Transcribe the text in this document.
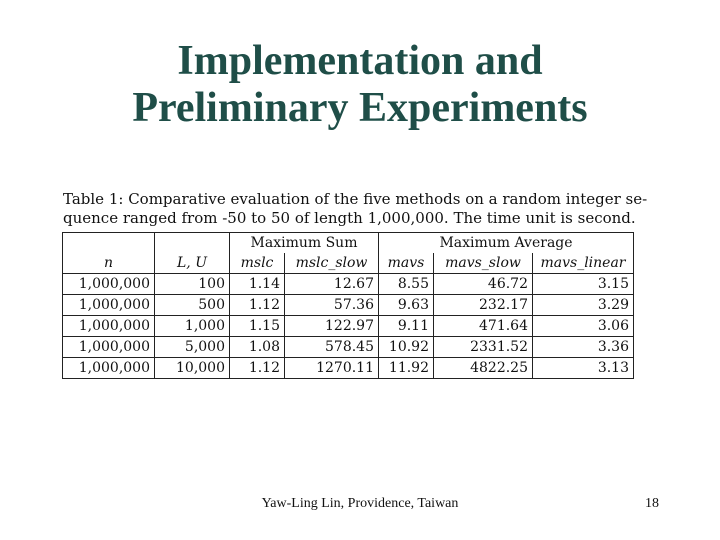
Implementation and
Preliminary Experiments
Table 1: Comparative evaluation of the five methods on a random integer se-
quence ranged from -50 to 50 of length 1,000,000. The time unit is second.
		Maximum Sum		Maximum Average		
n	L, U	mslc	mslc_slow	mavs	mavs_slow	mavs_linear
1,000,000	100	1.14	12.67	8.55	46.72	3.15
1,000,000	500	1.12	57.36	9.63	232.17	3.29
1,000,000	1,000	1.15	122.97	9.11	471.64	3.06
1,000,000	5,000	1.08	578.45	10.92	2331.52	3.36
1,000,000	10,000	1.12	1270.11	11.92	4822.25	3.13
Yaw-Ling Lin, Providence, Taiwan	18
